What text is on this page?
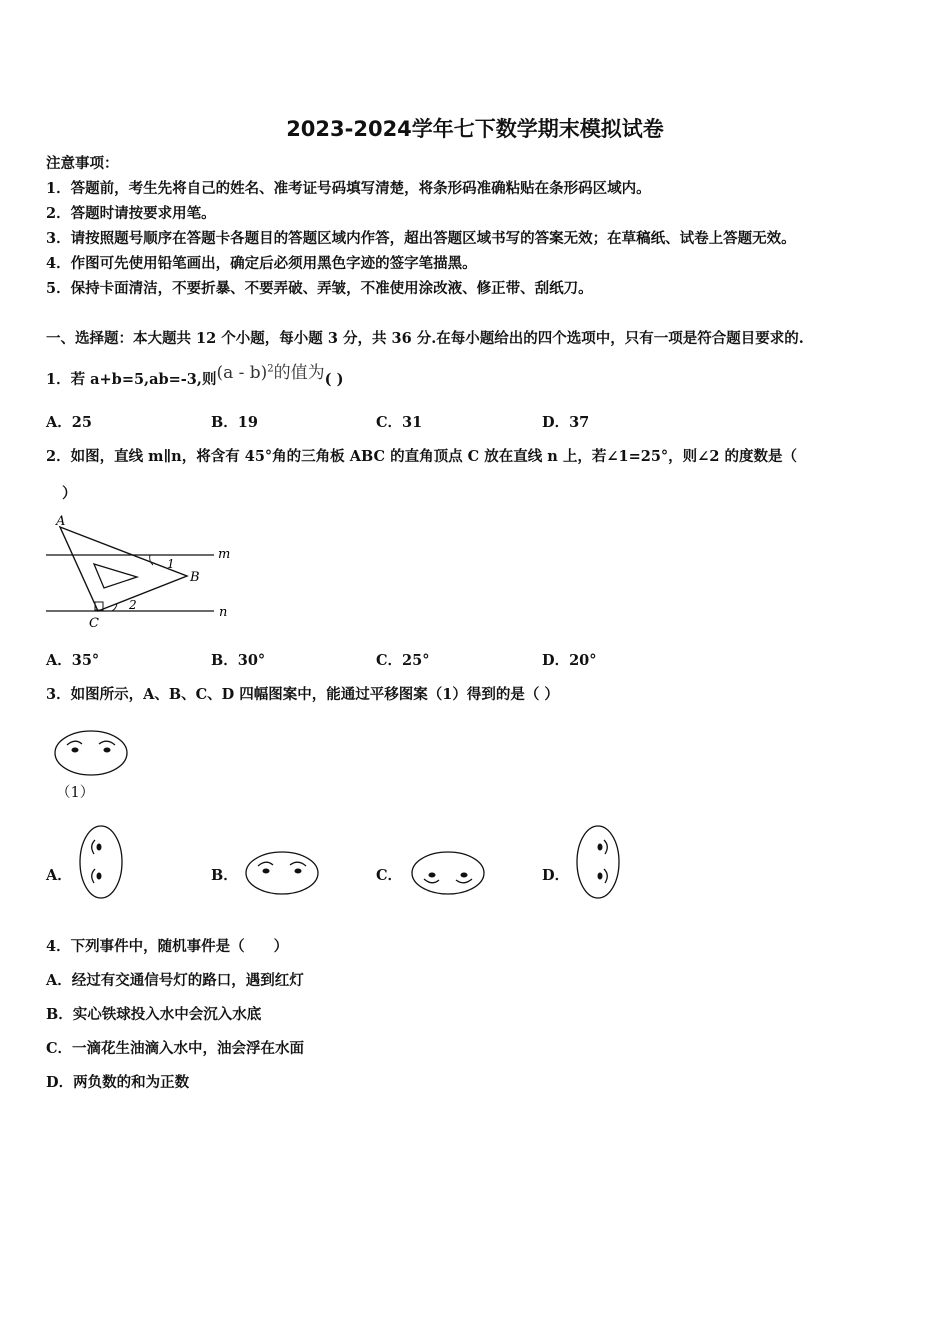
2023-2024学年七下数学期末模拟试卷
注意事项：
1．答题前，考生先将自己的姓名、准考证号码填写清楚，将条形码准确粘贴在条形码区域内。
2．答题时请按要求用笔。
3．请按照题号顺序在答题卡各题目的答题区域内作答，超出答题区域书写的答案无效；在草稿纸、试卷上答题无效。
4．作图可先使用铅笔画出，确定后必须用黑色字迹的签字笔描黑。
5．保持卡面清洁，不要折暴、不要弄破、弄皱，不准使用涂改液、修正带、刮纸刀。
一、选择题：本大题共 12 个小题，每小题 3 分，共 36 分.在每小题给出的四个选项中，只有一项是符合题目要求的.
1．若 a+b=5,ab=-3,则(a - b)$^2$的值为( )
A．25	B．19	C．31	D．37
2．如图，直线 m∥n，将含有 45°角的三角板 ABC 的直角顶点 C 放在直线 n 上，若∠1=25°，则∠2 的度数是（
）
A
B
C
m
n
1
2
A．35°	B．30°	C．25°	D．20°
3．如图所示，A、B、C、D 四幅图案中，能通过平移图案（1）得到的是（ ）
（1）
A．	B．	C．	D．
4．下列事件中，随机事件是（　　）
A．经过有交通信号灯的路口，遇到红灯
B．实心铁球投入水中会沉入水底
C．一滴花生油滴入水中，油会浮在水面
D．两负数的和为正数
